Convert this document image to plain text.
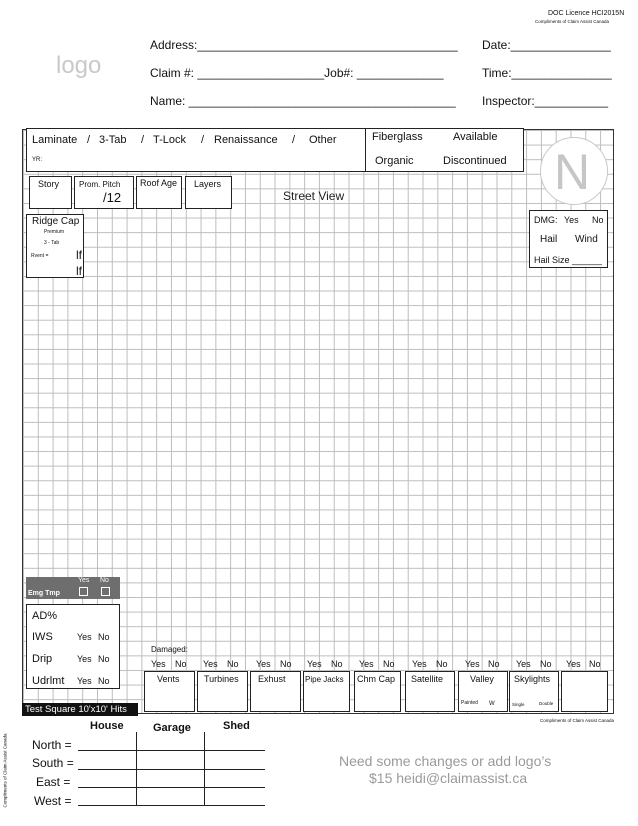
DOC Licence HCI2015N
Compliments of Claim Assist Canada
logo
Address:_______________________________________
Claim #: ___________________Job#: _____________
Name: ________________________________________
Date:_______________
Time:_______________
Inspector:___________
Laminate / 3-Tab / T-Lock / Renaissance / Other
YR:
Fiberglass
Organic
Available
Discontinued N
Story Prom. Pitch
/12
Roof Age Layers
Street View
Ridge Cap
Premium
3 - Tab
Rvent = lf
lf
DMG: Yes No
Hail Wind
Hail Size ______
Yes No
Emg Tmp
AD%
IWS
Drip
Udrlmt
Yes No
Yes No
Yes No
Damaged:
Yes No
Vents
Yes No
Turbines
Yes No
Exhust
Yes No
Pipe Jacks
Yes No
Chm Cap
Yes No
Satellite
Yes No
Valley
Painted W
Yes No
Skylights
Single	Double
Yes No
Test Square 10'x10' Hits
Compliments of Claim Assist Canada
Compliments of Claim Assist Canada
House	Garage	Shed
North =
South =
East =
West =
Need some changes or add logo’s
$15 heidi@claimassist.ca
